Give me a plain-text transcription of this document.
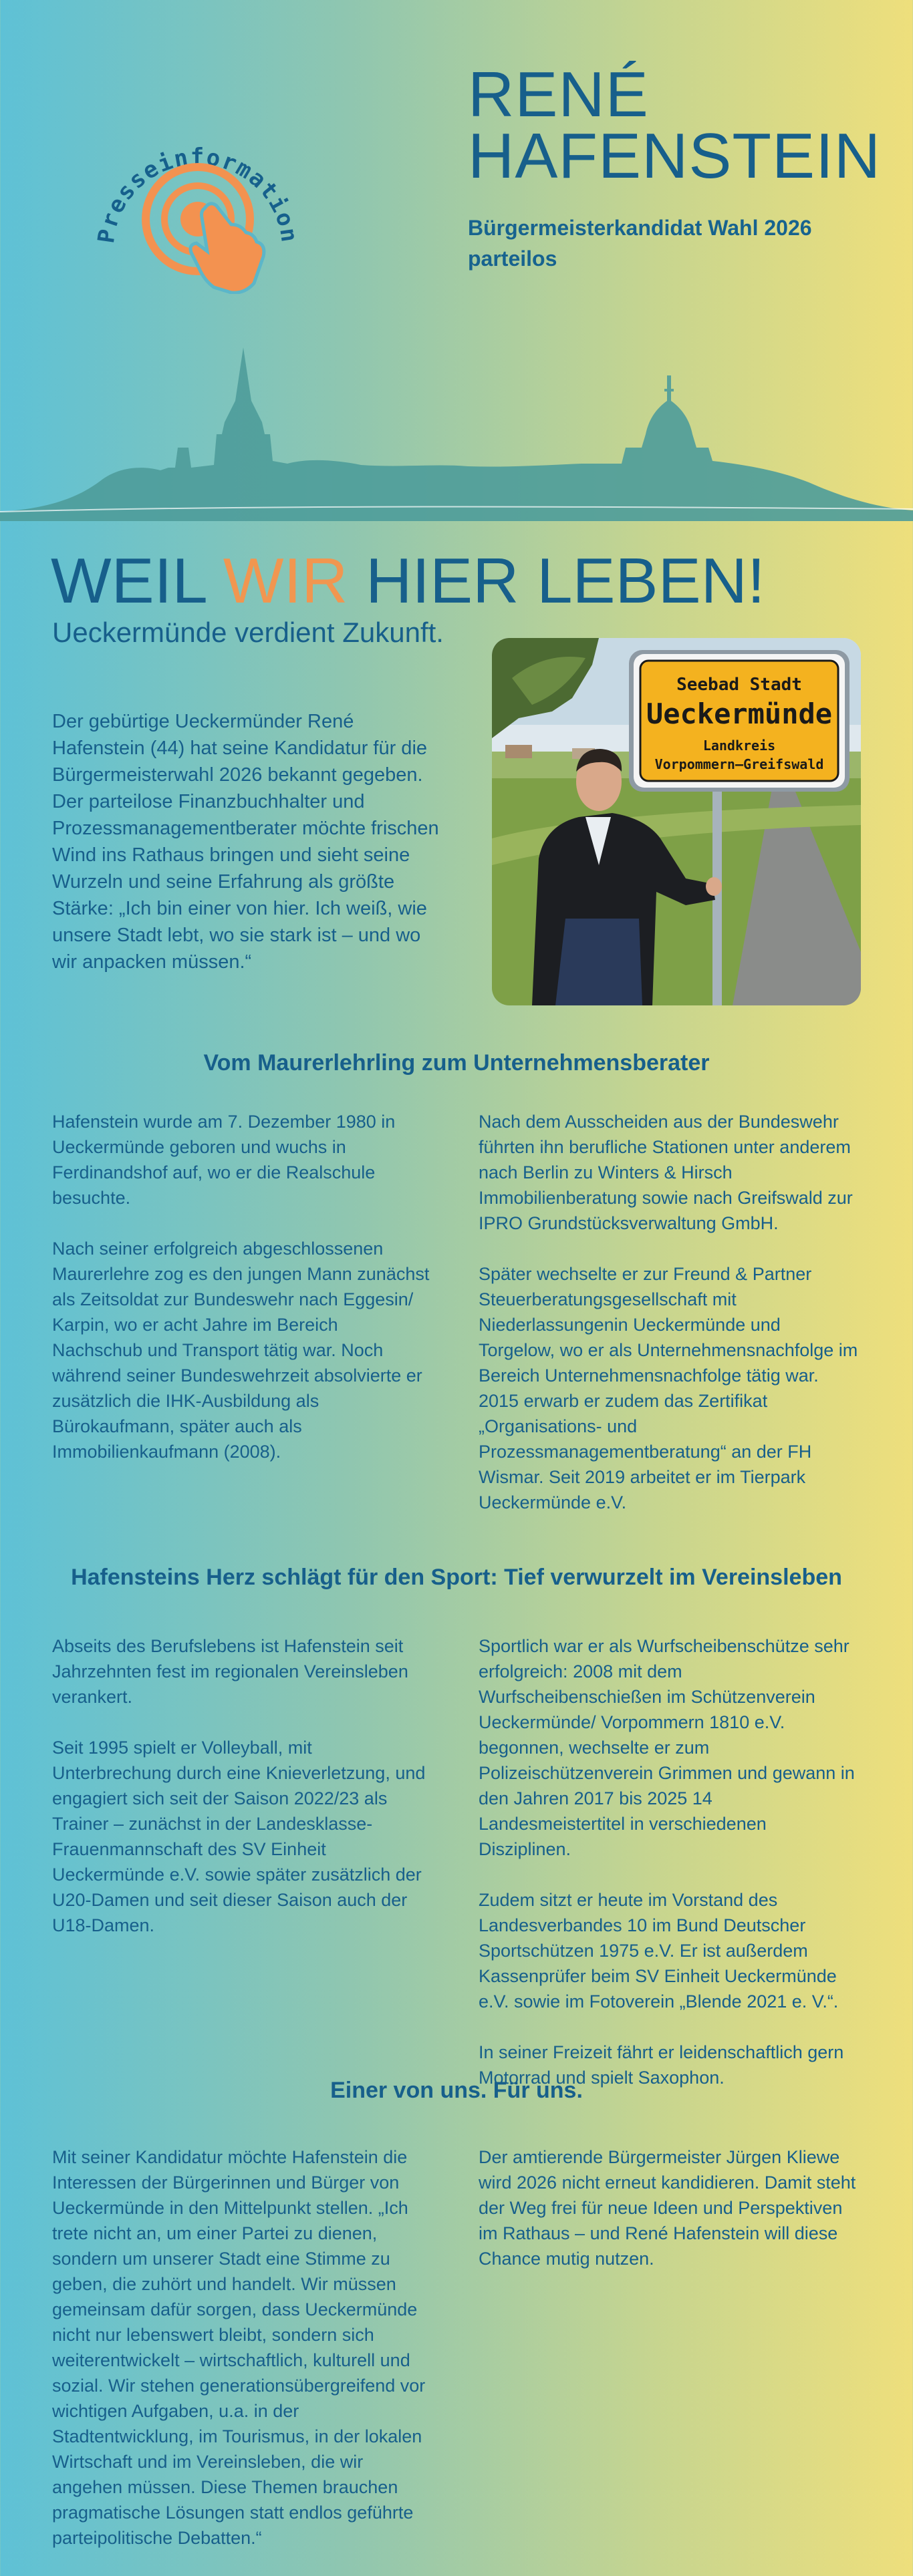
Presseinformation
RENÉ
HAFENSTEIN
Bürgermeisterkandidat Wahl 2026
parteilos
WEIL WIR HIER LEBEN!
Ueckermünde verdient Zukunft.
Der gebürtige Ueckermünder René Hafenstein (44) hat seine Kandidatur für die Bürgermeisterwahl 2026 bekannt gegeben. Der parteilose Finanzbuchhalter und Prozessmanagementberater möchte frischen Wind ins Rathaus bringen und sieht seine Wurzeln und seine Erfahrung als größte Stärke: „Ich bin einer von hier. Ich weiß, wie unsere Stadt lebt, wo sie stark ist – und wo wir anpacken müssen.“
Seebad Stadt
Ueckermünde
Landkreis
Vorpommern–Greifswald
Vom Maurerlehrling zum Unternehmensberater

Hafenstein wurde am 7. Dezember 1980 in Ueckermünde geboren und wuchs in Ferdinandshof auf, wo er die Realschule besuchte.

Nach seiner erfolgreich abgeschlossenen Maurerlehre zog es den jungen Mann zunächst als Zeitsoldat zur Bundeswehr nach Eggesin/ Karpin, wo er acht Jahre im Bereich Nachschub und Transport tätig war. Noch während seiner Bundeswehrzeit absolvierte er zusätzlich die IHK-Ausbildung als Bürokaufmann, später auch als Immobilienkaufmann (2008).

Nach dem Ausscheiden aus der Bundeswehr führten ihn berufliche Stationen unter anderem nach Berlin zu Winters & Hirsch Immobilienberatung sowie nach Greifswald zur IPRO Grundstücksverwaltung GmbH.

Später wechselte er zur Freund & Partner Steuerberatungsgesellschaft mit Niederlassungenin Ueckermünde und Torgelow, wo er als Unternehmensnachfolge im Bereich Unternehmensnachfolge tätig war. 2015 erwarb er zudem das Zertifikat „Organisations- und Prozessmanagementberatung“ an der FH Wismar. Seit 2019 arbeitet er im Tierpark Ueckermünde e.V.

Hafensteins Herz schlägt für den Sport: Tief verwurzelt im Vereinsleben

Abseits des Berufslebens ist Hafenstein seit Jahrzehnten fest im regionalen Vereinsleben verankert.

Seit 1995 spielt er Volleyball, mit Unterbrechung durch eine Knieverletzung, und engagiert sich seit der Saison 2022/23 als Trainer – zunächst in der Landesklasse-Frauenmannschaft des SV Einheit Ueckermünde e.V. sowie später zusätzlich der U20-Damen und seit dieser Saison auch der U18-Damen.

Sportlich war er als Wurfscheibenschütze sehr erfolgreich: 2008 mit dem Wurfscheibenschießen im Schützenverein Ueckermünde/ Vorpommern 1810 e.V. begonnen, wechselte er zum Polizeischützenverein Grimmen und gewann in den Jahren 2017 bis 2025 14 Landesmeistertitel in verschiedenen Disziplinen.

Zudem sitzt er heute im Vorstand des Landesverbandes 10 im Bund Deutscher Sportschützen 1975 e.V. Er ist außerdem Kassenprüfer beim SV Einheit Ueckermünde e.V. sowie im Fotoverein „Blende 2021 e. V.“.

In seiner Freizeit fährt er leidenschaftlich gern Motorrad und spielt Saxophon.

Einer von uns. Für uns.

Mit seiner Kandidatur möchte Hafenstein die Interessen der Bürgerinnen und Bürger von Ueckermünde in den Mittelpunkt stellen. „Ich trete nicht an, um einer Partei zu dienen, sondern um unserer Stadt eine Stimme zu geben, die zuhört und handelt. Wir müssen gemeinsam dafür sorgen, dass Ueckermünde nicht nur lebenswert bleibt, sondern sich weiterentwickelt – wirtschaftlich, kulturell und sozial. Wir stehen generationsübergreifend vor wichtigen Aufgaben, u.a. in der Stadtentwicklung, im Tourismus, in der lokalen Wirtschaft und im Vereinsleben, die wir angehen müssen. Diese Themen brauchen pragmatische Lösungen statt endlos geführte parteipolitische Debatten.“

Der amtierende Bürgermeister Jürgen Kliewe wird 2026 nicht erneut kandidieren. Damit steht der Weg frei für neue Ideen und Perspektiven im Rathaus – und René Hafenstein will diese Chance mutig nutzen.
